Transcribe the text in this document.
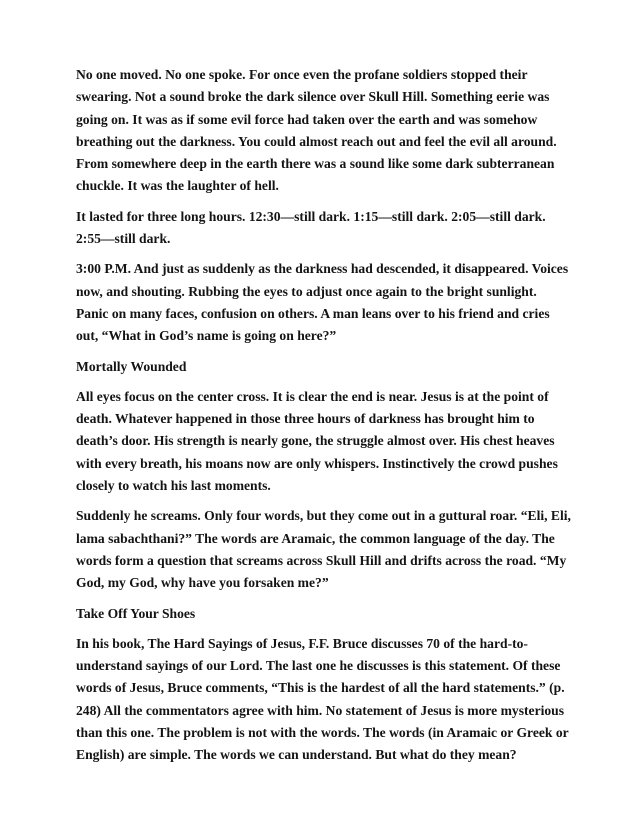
No one moved. No one spoke. For once even the profane soldiers stopped their swearing. Not a sound broke the dark silence over Skull Hill. Something eerie was going on. It was as if some evil force had taken over the earth and was somehow breathing out the darkness. You could almost reach out and feel the evil all around. From somewhere deep in the earth there was a sound like some dark subterranean chuckle. It was the laughter of hell.

It lasted for three long hours. 12:30—still dark. 1:15—still dark. 2:05—still dark. 2:55—still dark.

3:00 P.M. And just as suddenly as the darkness had descended, it disappeared. Voices now, and shouting. Rubbing the eyes to adjust once again to the bright sunlight. Panic on many faces, confusion on others. A man leans over to his friend and cries out, “What in God’s name is going on here?”

Mortally Wounded

All eyes focus on the center cross. It is clear the end is near. Jesus is at the point of death. Whatever happened in those three hours of darkness has brought him to death’s door. His strength is nearly gone, the struggle almost over. His chest heaves with every breath, his moans now are only whispers. Instinctively the crowd pushes closely to watch his last moments.

Suddenly he screams. Only four words, but they come out in a guttural roar. “Eli, Eli, lama sabachthani?” The words are Aramaic, the common language of the day. The words form a question that screams across Skull Hill and drifts across the road. “My God, my God, why have you forsaken me?”

Take Off Your Shoes

In his book, The Hard Sayings of Jesus, F.F. Bruce discusses 70 of the hard-to-understand sayings of our Lord. The last one he discusses is this statement. Of these words of Jesus, Bruce comments, “This is the hardest of all the hard statements.” (p. 248) All the commentators agree with him. No statement of Jesus is more mysterious than this one. The problem is not with the words. The words (in Aramaic or Greek or English) are simple. The words we can understand. But what do they mean?
